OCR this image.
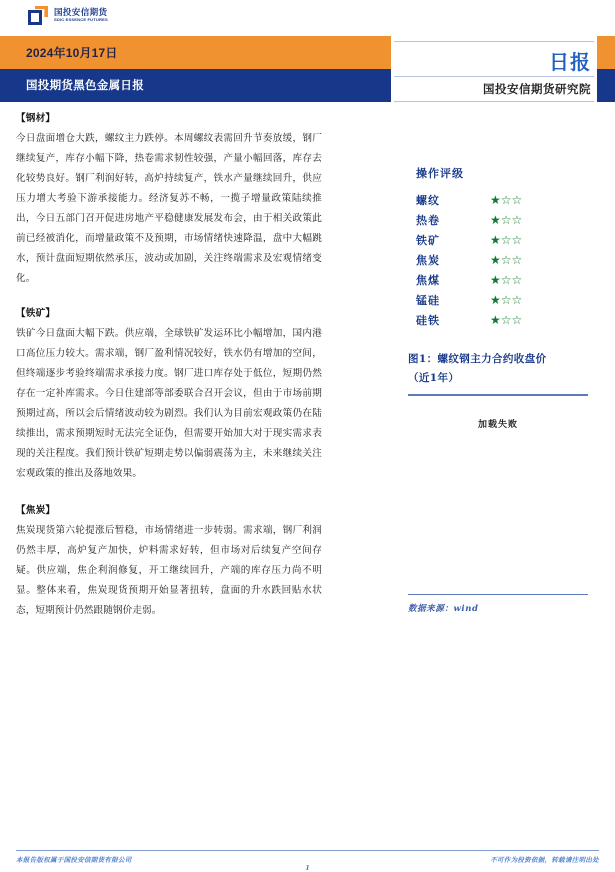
国投安信期货
SDIC ESSENCE FUTURES
2024年10月17日
国投期货黑色金属日报
日报
国投安信期货研究院
【钢材】
今日盘面增仓大跌，螺纹主力跌停。本周螺纹表需回升节奏放缓，钢厂继续复产，库存小幅下降，热卷需求韧性较强，产量小幅回落，库存去化较势良好。钢厂利润好转，高炉持续复产，铁水产量继续回升，供应压力增大考验下游承接能力。经济复苏不畅，一揽子增量政策陆续推出，今日五部门召开促进房地产平稳健康发展发布会，由于相关政策此前已经被消化，而增量政策不及预期，市场情绪快速降温，盘中大幅跳水，预计盘面短期依然承压，波动或加剧，关注终端需求及宏观情绪变化。
【铁矿】
铁矿今日盘面大幅下跌。供应端，全球铁矿发运环比小幅增加，国内港口高位压力较大。需求端，钢厂盈利情况较好，铁水仍有增加的空间，但终端逐步考验终端需求承接力度。钢厂进口库存处于低位，短期仍然存在一定补库需求。今日住建部等部委联合召开会议，但由于市场前期预期过高，所以会后情绪波动较为剧烈。我们认为目前宏观政策仍在陆续推出，需求预期短时无法完全证伪，但需要开始加大对于现实需求表现的关注程度。我们预计铁矿短期走势以偏弱震荡为主，未来继续关注宏观政策的推出及落地效果。
【焦炭】
焦炭现货第六轮提涨后暂稳，市场情绪进一步转弱。需求端，钢厂利润仍然丰厚，高炉复产加快，炉料需求好转，但市场对后续复产空间存疑。供应端，焦企利润修复，开工继续回升，产端的库存压力尚不明显。整体来看，焦炭现货预期开始显著扭转，盘面的升水跌回贴水状态，短期预计仍然跟随钢价走弱。
操作评级
螺纹	★☆☆
热卷	★☆☆
铁矿	★☆☆
焦炭	★☆☆
焦煤	★☆☆
锰硅	★☆☆
硅铁	★☆☆
图1：螺纹钢主力合约收盘价
（近1年）
加载失败
数据来源：wind
本报告版权属于国投安信期货有限公司	不可作为投资依据，转载请注明出处
1
